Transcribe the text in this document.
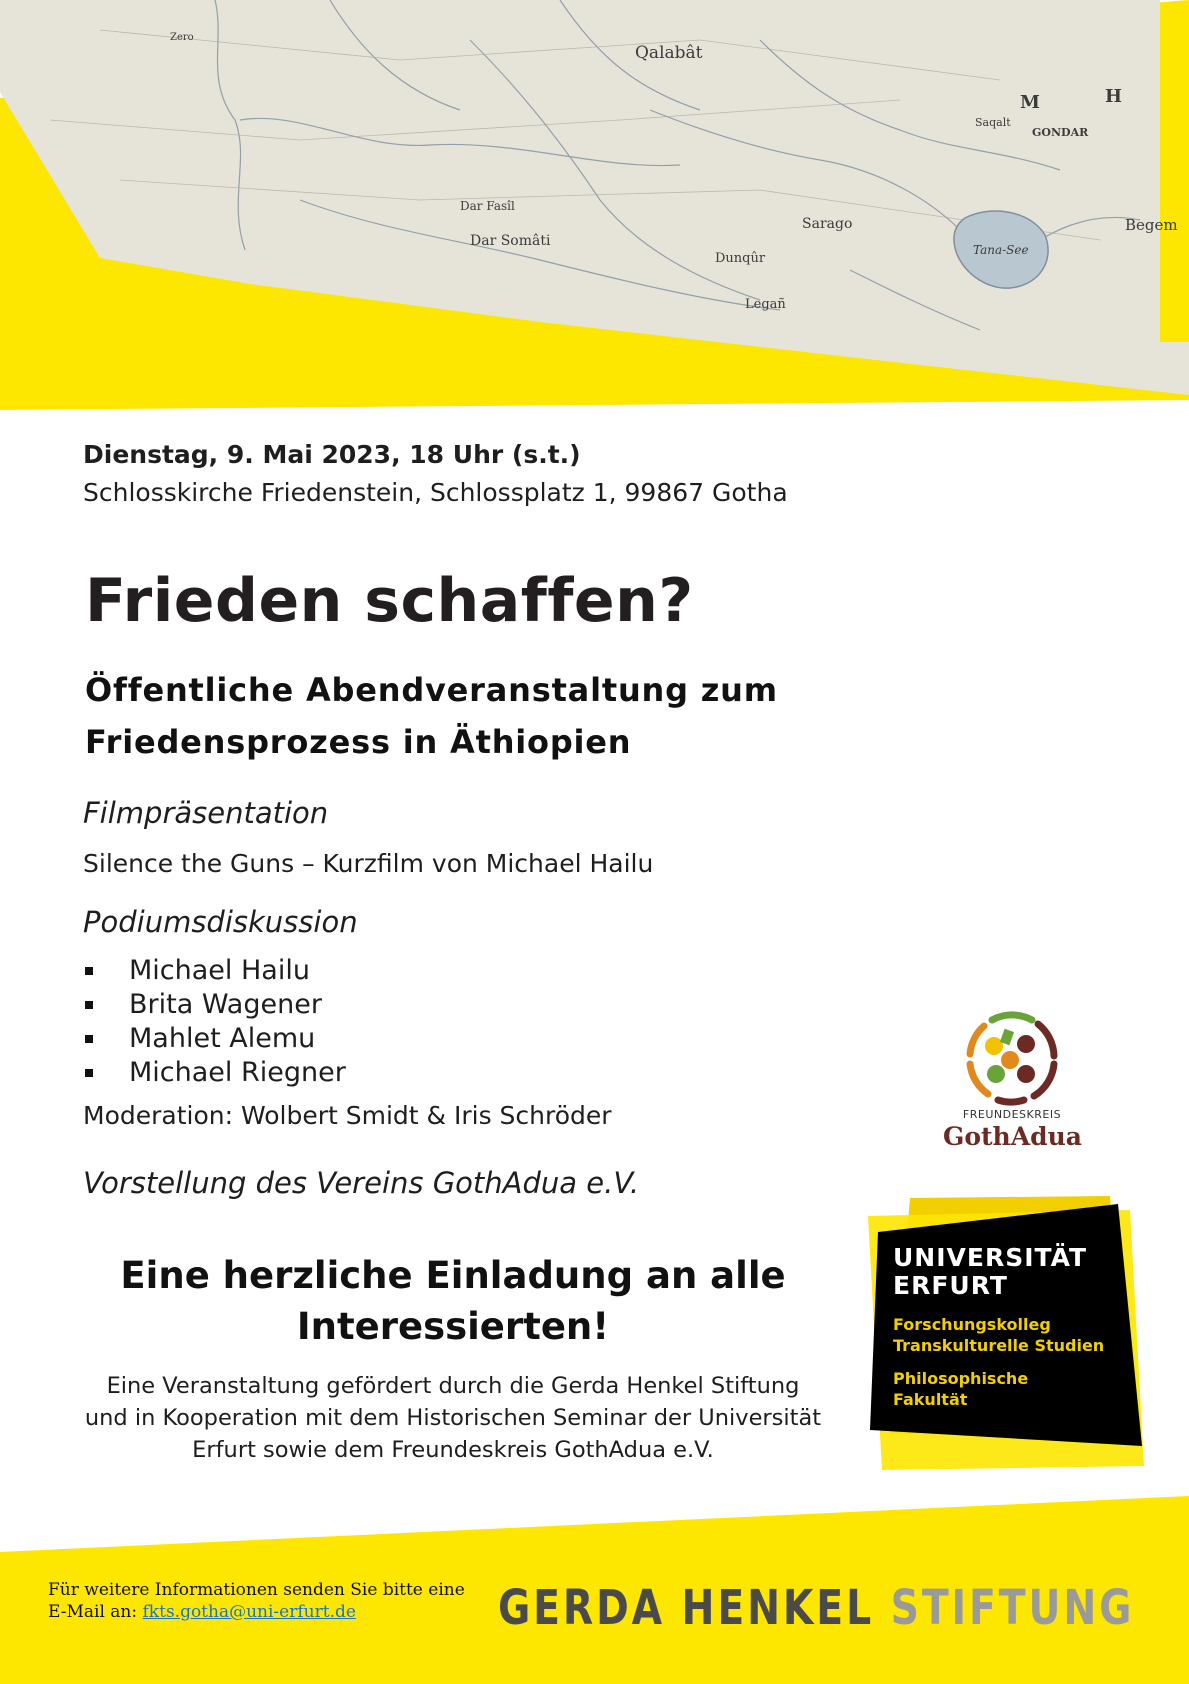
Qalabât
Sarago
Tana-See
GONDAR
Dar Somâti
Dunqûr
Legañ
Dar Fasîl
Zero
Begem
M	H
Saqalt

Dienstag, 9. Mai 2023, 18 Uhr (s.t.)

Schlosskirche Friedenstein, Schlossplatz 1, 99867 Gotha

Frieden schaffen?
Öffentliche Abendveranstaltung zum
Friedensprozess in Äthiopien

Filmpräsentation

Silence the Guns – Kurzfilm von Michael Hailu

Podiumsdiskussion

Michael Hailu
Brita Wagener
Mahlet Alemu
Michael Riegner

Moderation: Wolbert Smidt & Iris Schröder

Vorstellung des Vereins GothAdua e.V.

Eine herzliche Einladung an alle
Interessierten!
Eine Veranstaltung gefördert durch die Gerda Henkel Stiftung
und in Kooperation mit dem Historischen Seminar der Universität
Erfurt sowie dem Freundeskreis GothAdua e.V.

FREUNDESKREIS

GothAdua

UNIVERSITÄT
ERFURT
Forschungskolleg
Transkulturelle Studien
Philosophische
Fakultät
Für weitere Informationen senden Sie bitte eine
E-Mail an: fkts.gotha@uni-erfurt.de	GERDA HENKEL STIFTUNG
